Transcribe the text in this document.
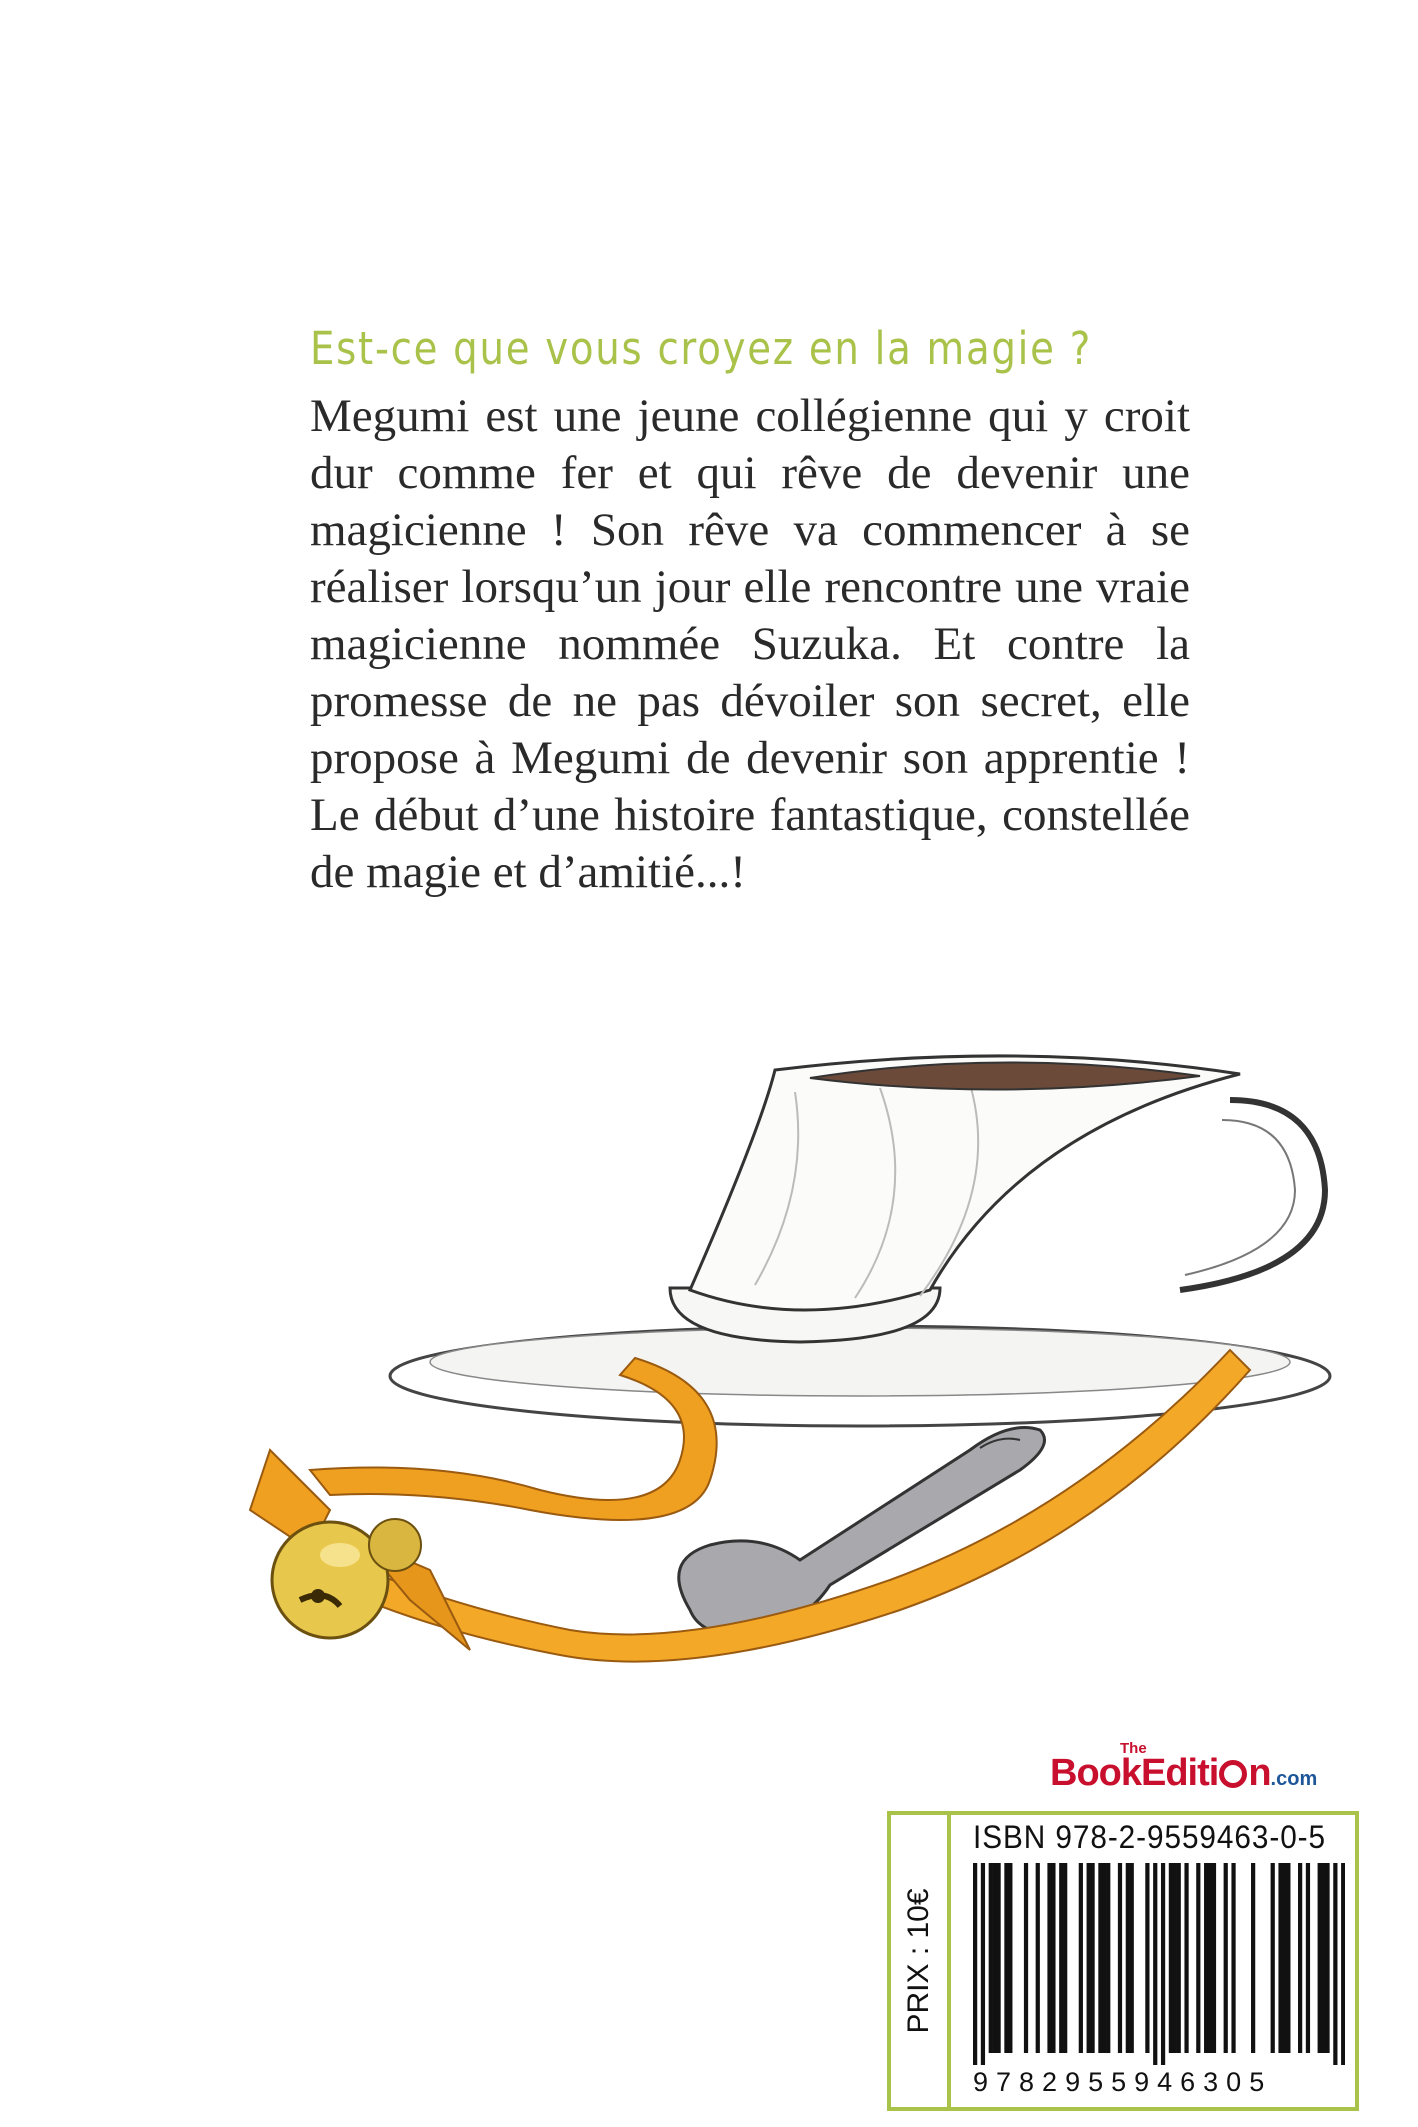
Est-ce que vous croyez en la magie ?
Megumi est une jeune collégienne qui y croit dur comme fer et qui rêve de devenir une magicienne ! Son rêve va commencer à se réaliser lorsqu’un jour elle rencontre une vraie magicienne nommée Suzuka. Et contre la promesse de ne pas dévoiler son secret, elle propose à Megumi de devenir son apprentie ! Le début d’une histoire fantastique, constellée de magie et d’amitié...!
The
BookEditi n.com
PRIX : 10€
ISBN 978-2-9559463-0-5
9782955946305
